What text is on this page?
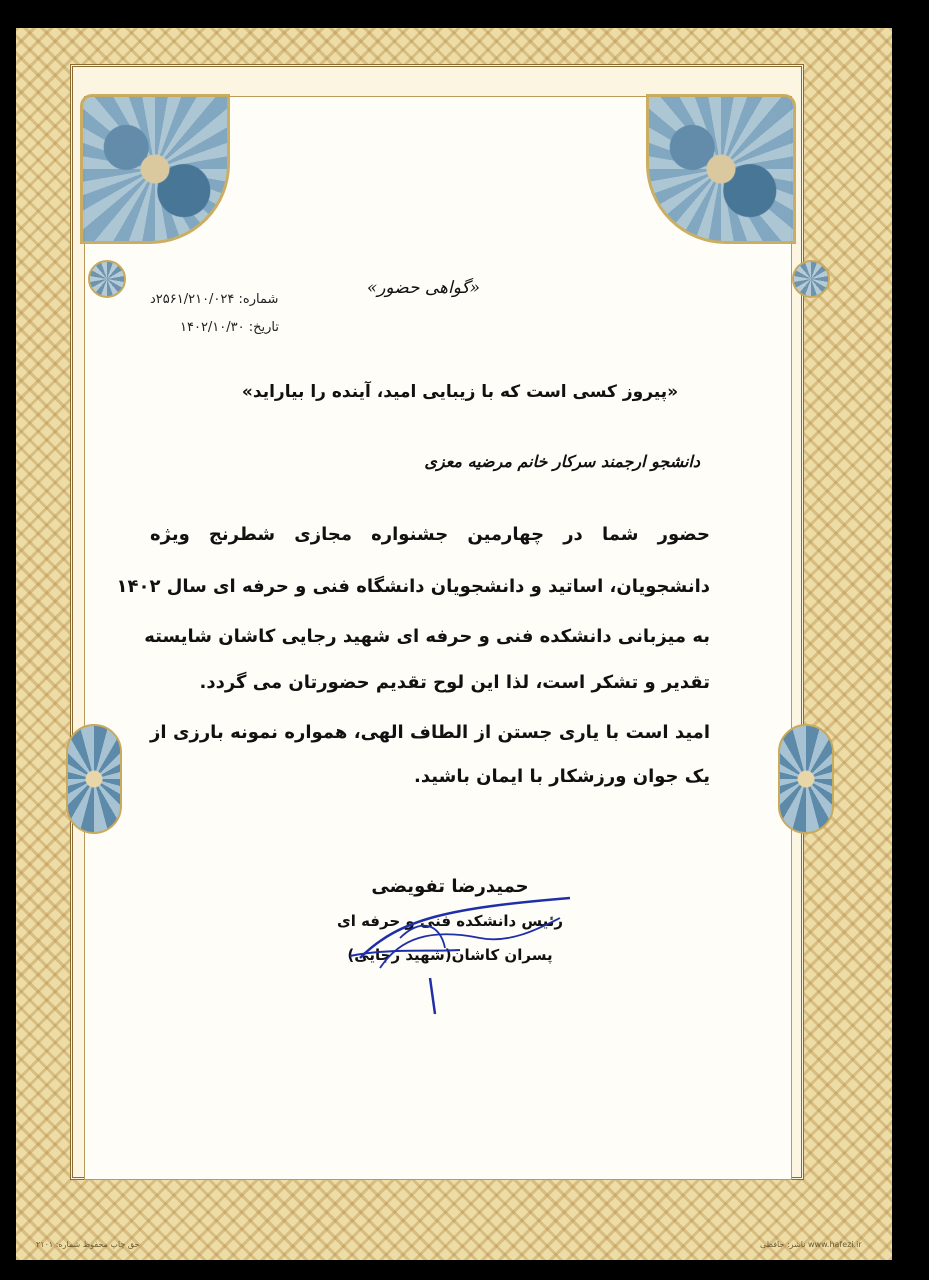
«گواهی حضور»
شماره: ۲۵۶۱/۲۱۰/۰۲۴د
تاریخ: ۱۴۰۲/۱۰/۳۰
«پیروز کسی است که با زیبایی امید، آینده را بیاراید»
دانشجو ارجمند سرکار خانم مرضیه معزی
حضور شما در چهارمین جشنواره مجازی شطرنج ویژه
دانشجویان، اساتید و دانشجویان دانشگاه فنی و حرفه ای سال ۱۴۰۲
به میزبانی دانشکده فنی و حرفه ای شهید رجایی کاشان شایسته
تقدیر و تشکر است، لذا این لوح تقدیم حضورتان می گردد.
امید است با یاری جستن از الطاف الهی، همواره نمونه بارزی از
یک جوان ورزشکار با ایمان باشید.
حمیدرضا تفویضی
رئیس دانشکده فنی و حرفه ای
پسران کاشان(شهید رجایی)
حق چاپ محفوظ شماره: ۲۱۰۱	www.hafezi.ir ناشر: حافظی
